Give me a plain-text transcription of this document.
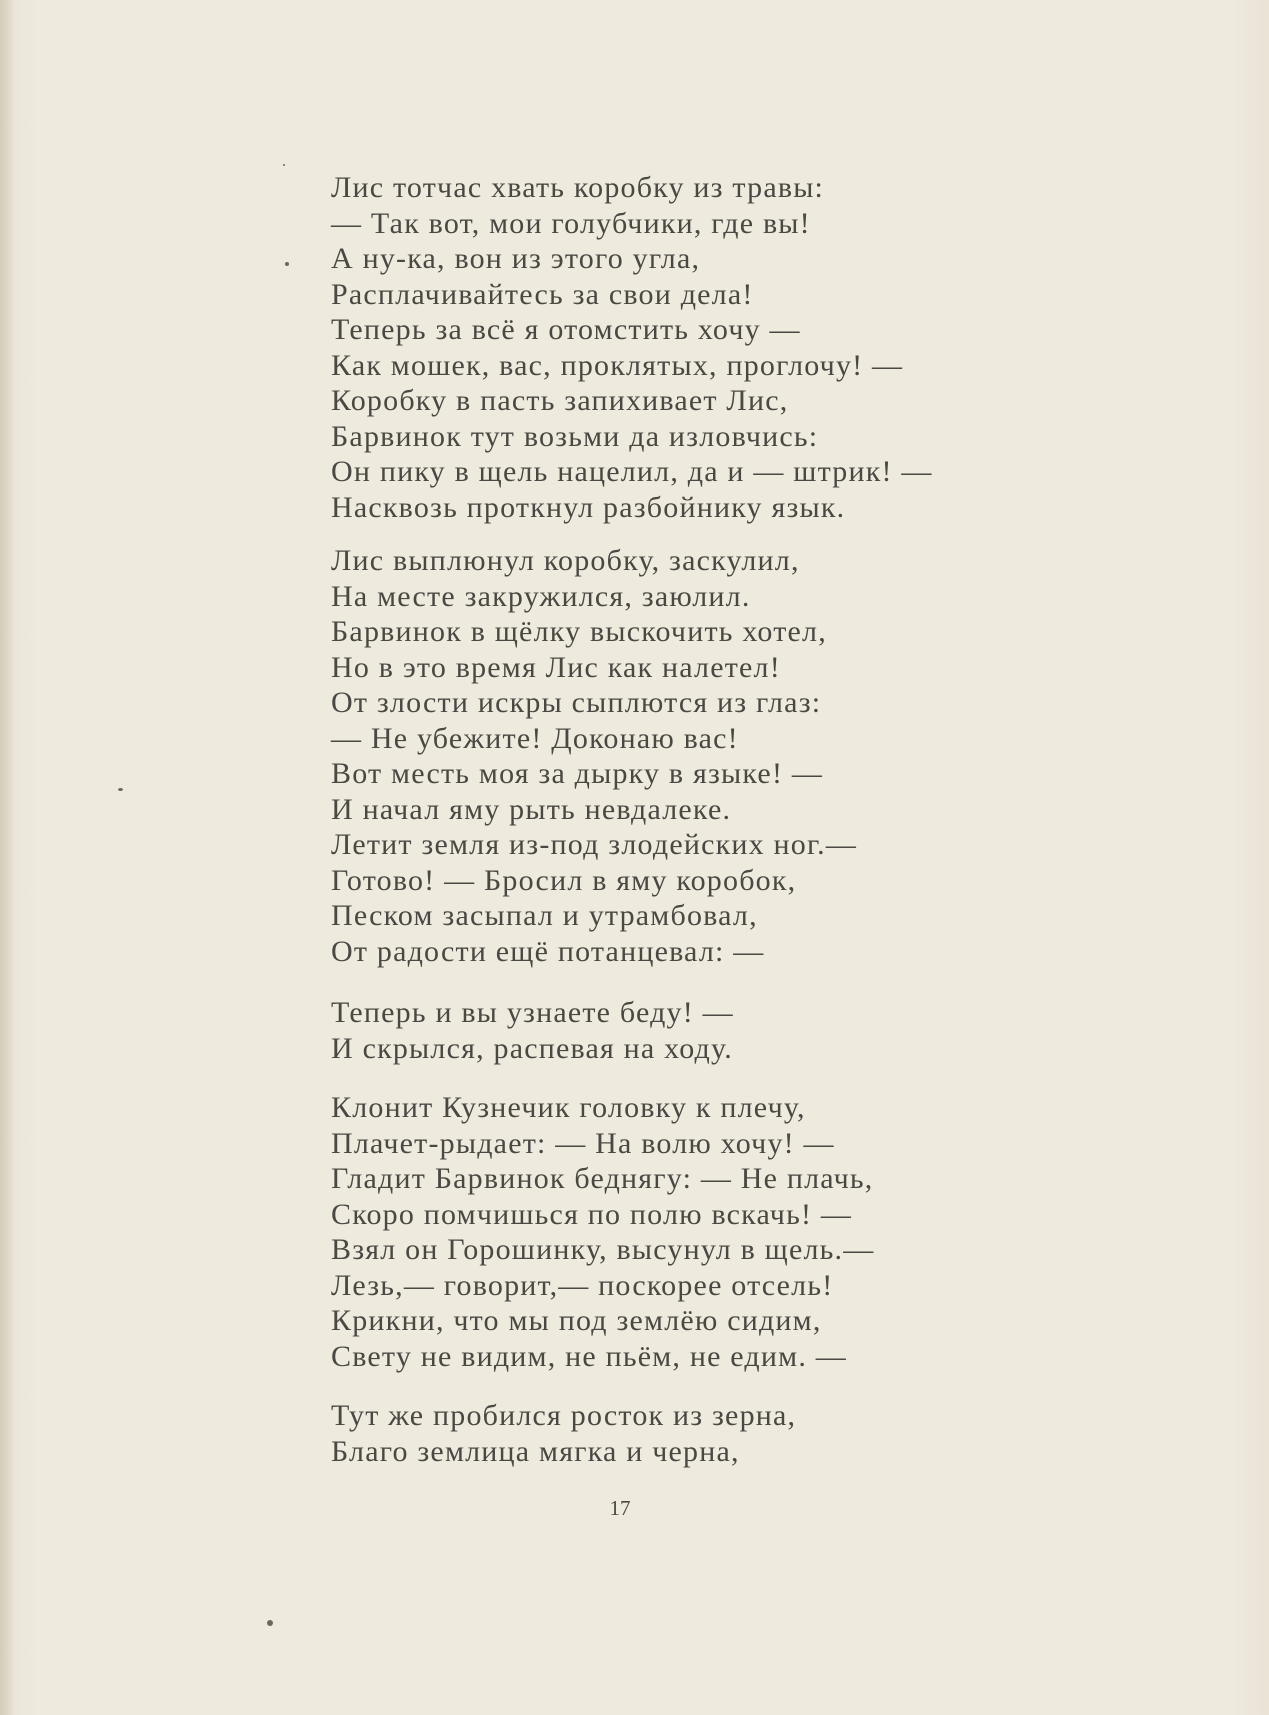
Лис тотчас хвать коробку из травы:
— Так вот, мои голубчики, где вы!
А ну-ка, вон из этого угла,
Расплачивайтесь за свои дела!
Теперь за всё я отомстить хочу —
Как мошек, вас, проклятых, проглочу! —
Коробку в пасть запихивает Лис,
Барвинок тут возьми да изловчись:
Он пику в щель нацелил, да и — штрик! —
Насквозь проткнул разбойнику язык.
Лис выплюнул коробку, заскулил,
На месте закружился, заюлил.
Барвинок в щёлку выскочить хотел,
Но в это время Лис как налетел!
От злости искры сыплются из глаз:
— Не убежите! Доконаю вас!
Вот месть моя за дырку в языке! —
И начал яму рыть невдалеке.
Летит земля из-под злодейских ног.—
Готово! — Бросил в яму коробок,
Песком засыпал и утрамбовал,
От радости ещё потанцевал: —
Теперь и вы узнаете беду! —
И скрылся, распевая на ходу.
Клонит Кузнечик головку к плечу,
Плачет-рыдает: — На волю хочу! —
Гладит Барвинок беднягу: — Не плачь,
Скоро помчишься по полю вскачь! —
Взял он Горошинку, высунул в щель.—
Лезь,— говорит,— поскорее отсель!
Крикни, что мы под землёю сидим,
Свету не видим, не пьём, не едим. —
Тут же пробился росток из зерна,
Благо землица мягка и черна,
17
